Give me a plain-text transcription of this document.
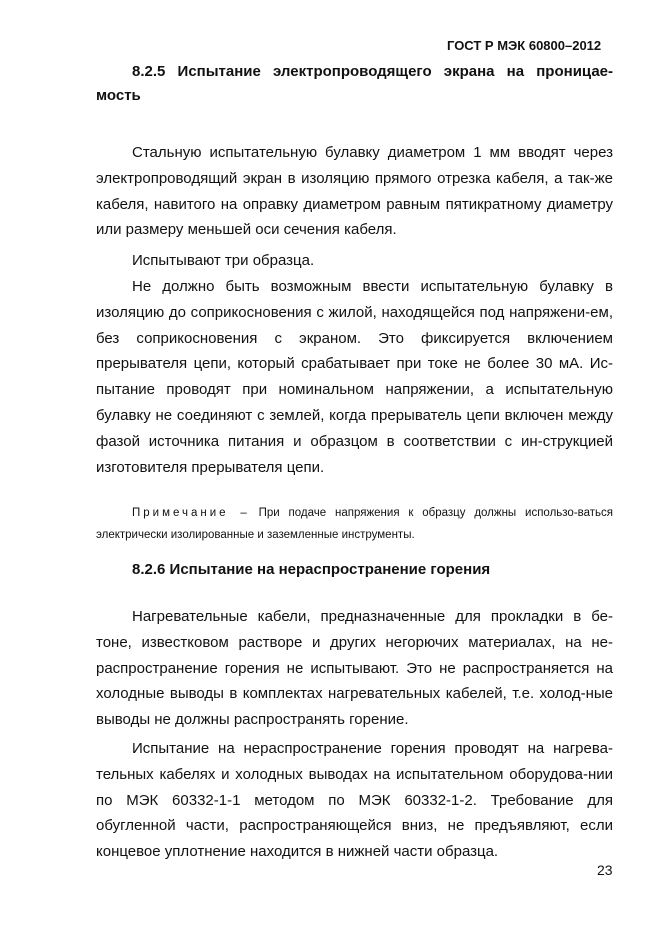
ГОСТ Р МЭК 60800–2012
8.2.5 Испытание электропроводящего экрана на проницае-мость
Стальную испытательную булавку диаметром 1 мм вводят через электропроводящий экран в изоляцию прямого отрезка кабеля, а так-же кабеля, навитого на оправку диаметром равным пятикратному диаметру или размеру меньшей оси сечения кабеля.
Испытывают три образца.
Не должно быть возможным ввести испытательную булавку в изоляцию до соприкосновения с жилой, находящейся под напряжени-ем, без соприкосновения с экраном. Это фиксируется включением прерывателя цепи, который срабатывает при токе не более 30 мА. Ис-пытание проводят при номинальном напряжении, а испытательную булавку не соединяют с землей, когда прерыватель цепи включен между фазой источника питания и образцом в соответствии с ин-струкцией изготовителя прерывателя цепи.
Примечание – При подаче напряжения к образцу должны использо-ваться электрически изолированные и заземленные инструменты.
8.2.6 Испытание на нераспространение горения
Нагревательные кабели, предназначенные для прокладки в бе-тоне, известковом растворе и других негорючих материалах, на не-распространение горения не испытывают. Это не распространяется на холодные выводы в комплектах нагревательных кабелей, т.е. холод-ные выводы не должны распространять горение.
Испытание на нераспространение горения проводят на нагрева-тельных кабелях и холодных выводах на испытательном оборудова-нии по МЭК 60332-1-1 методом по МЭК 60332-1-2. Требование для обугленной части, распространяющейся вниз, не предъявляют, если концевое уплотнение находится в нижней части образца.
23
